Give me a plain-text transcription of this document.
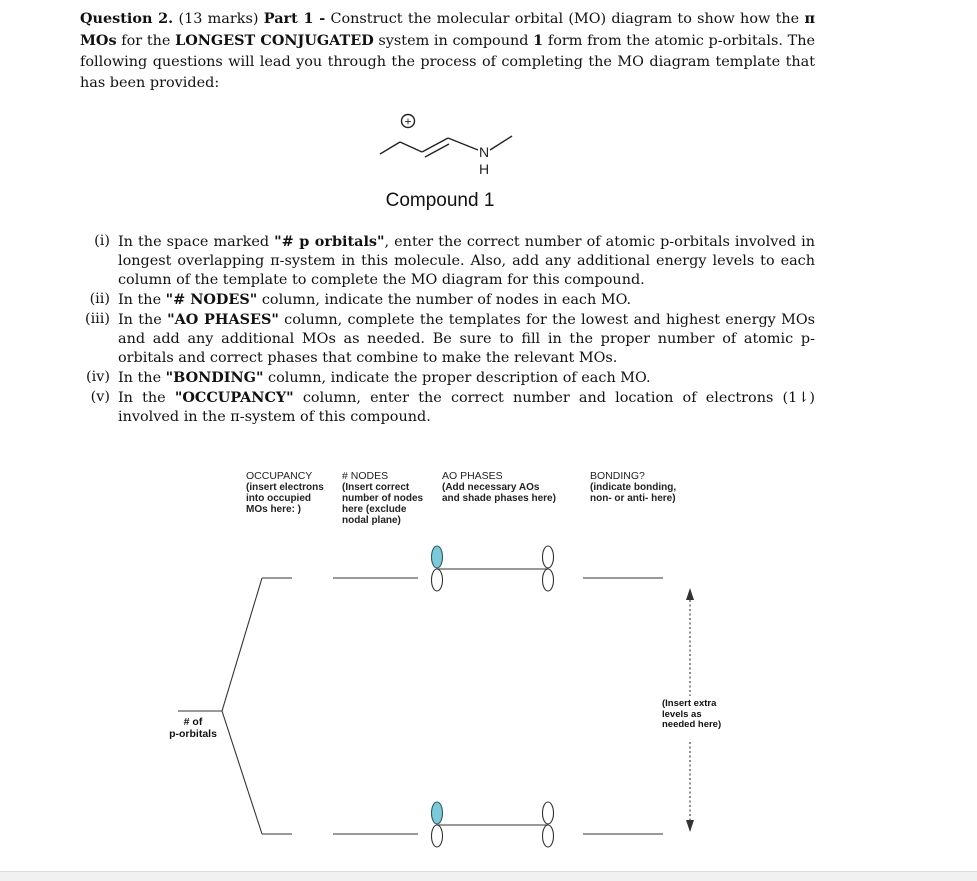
Question 2. (13 marks) Part 1 - Construct the molecular orbital (MO) diagram to show how the π MOs for the LONGEST CONJUGATED system in compound 1 form from the atomic p-orbitals. The following questions will lead you through the process of completing the MO diagram template that has been provided:
+
N
H
Compound 1
(i) In the space marked "# p orbitals", enter the correct number of atomic p-orbitals involved in longest overlapping π-system in this molecule. Also, add any additional energy levels to each column of the template to complete the MO diagram for this compound.
(ii) In the "# NODES" column, indicate the number of nodes in each MO.
(iii) In the "AO PHASES" column, complete the templates for the lowest and highest energy MOs and add any additional MOs as needed. Be sure to fill in the proper number of atomic p-orbitals and correct phases that combine to make the relevant MOs.
(iv) In the "BONDING" column, indicate the proper description of each MO.
(v) In the "OCCUPANCY" column, enter the correct number and location of electrons (1⇂) involved in the π-system of this compound.
OCCUPANCY
(insert electrons
into occupied
MOs here: )
# NODES
(Insert correct
number of nodes
here (exclude
nodal plane)
AO PHASES
(Add necessary AOs
and shade phases here)
BONDING?
(indicate bonding,
non- or anti- here)
# of
p-orbitals
(Insert extra
levels as
needed here)
